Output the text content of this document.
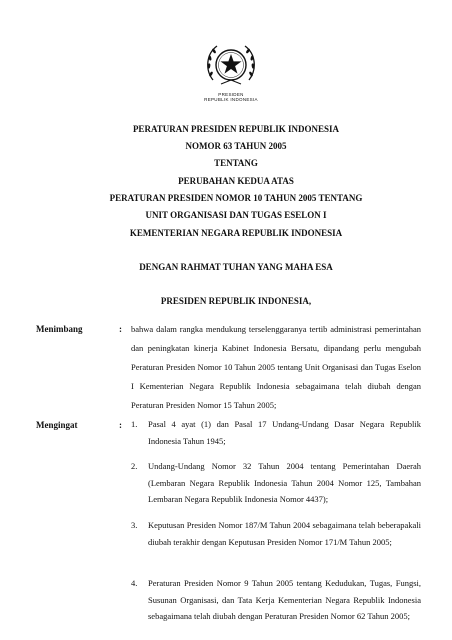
PRESIDEN
REPUBLIK INDONESIA
PERATURAN PRESIDEN REPUBLIK INDONESIA
NOMOR 63 TAHUN 2005
TENTANG
PERUBAHAN KEDUA ATAS
PERATURAN PRESIDEN NOMOR 10 TAHUN 2005 TENTANG
UNIT ORGANISASI DAN TUGAS ESELON I
KEMENTERIAN NEGARA REPUBLIK INDONESIA
DENGAN RAHMAT TUHAN YANG MAHA ESA
PRESIDEN REPUBLIK INDONESIA,
Menimbang	: bahwa dalam rangka mendukung terselenggaranya tertib administrasi pemerintahan dan peningkatan kinerja Kabinet Indonesia Bersatu, dipandang perlu mengubah Peraturan Presiden Nomor 10 Tahun 2005 tentang Unit Organisasi dan Tugas Eselon I Kementerian Negara Republik Indonesia sebagaimana telah diubah dengan Peraturan Presiden Nomor 15 Tahun 2005;
Mengingat	: 1. Pasal 4 ayat (1) dan Pasal 17 Undang-Undang Dasar Negara Republik Indonesia Tahun 1945;
2. Undang-Undang Nomor 32 Tahun 2004 tentang Pemerintahan Daerah (Lembaran Negara Republik Indonesia Tahun 2004 Nomor 125, Tambahan Lembaran Negara Republik Indonesia Nomor 4437);
3. Keputusan Presiden Nomor 187/M Tahun 2004 sebagaimana telah beberapakali diubah terakhir dengan Keputusan Presiden Nomor 171/M Tahun 2005;
4. Peraturan Presiden Nomor 9 Tahun 2005 tentang Kedudukan, Tugas, Fungsi, Susunan Organisasi, dan Tata Kerja Kementerian Negara Republik Indonesia sebagaimana telah diubah dengan Peraturan Presiden Nomor 62 Tahun 2005;
